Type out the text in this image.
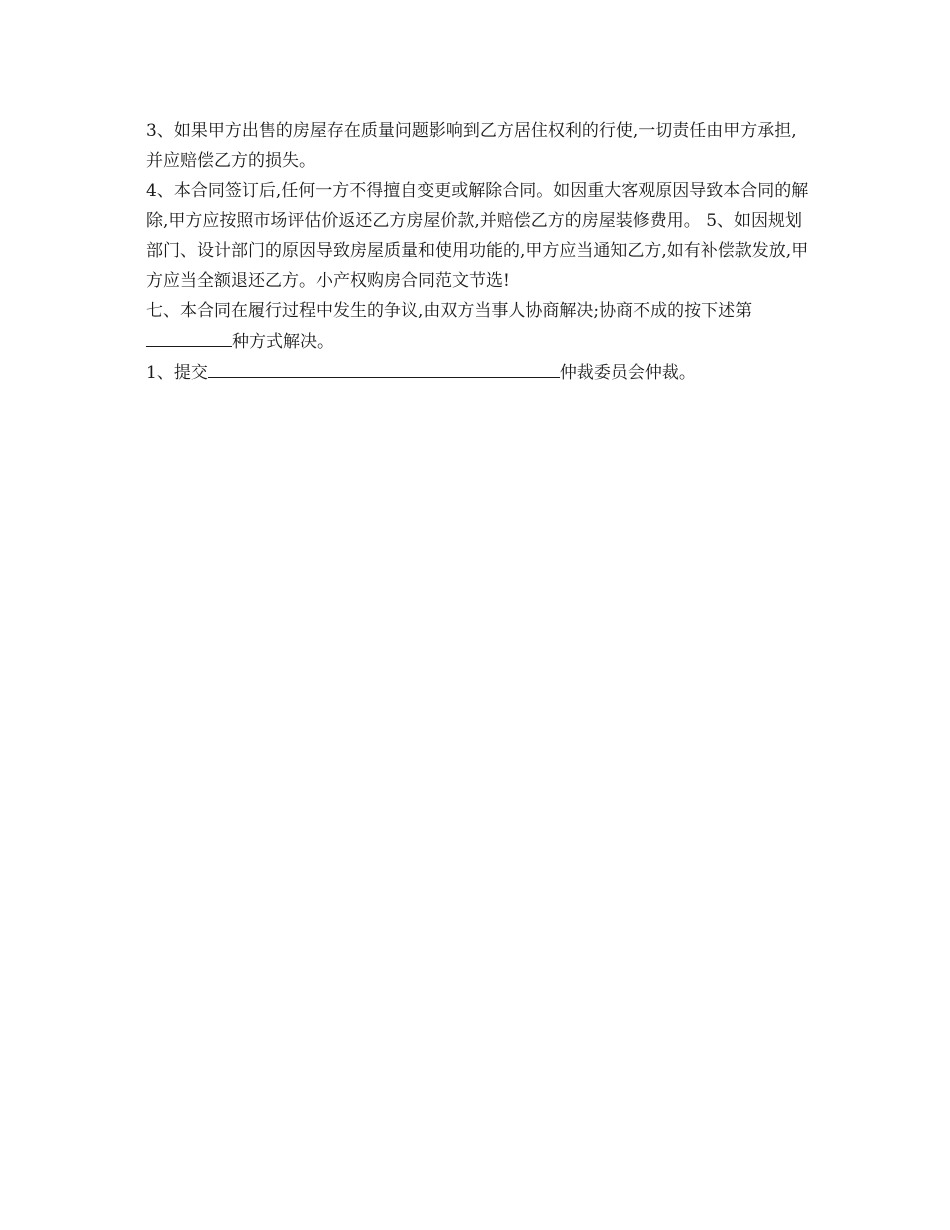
3、如果甲方出售的房屋存在质量问题影响到乙方居住权利的行使,一切责任由甲方承担,并应赔偿乙方的损失。

4、本合同签订后,任何一方不得擅自变更或解除合同。如因重大客观原因导致本合同的解除,甲方应按照市场评估价返还乙方房屋价款,并赔偿乙方的房屋装修费用。 5、如因规划部门、设计部门的原因导致房屋质量和使用功能的,甲方应当通知乙方,如有补偿款发放,甲方应当全额退还乙方。小产权购房合同范文节选!

七、本合同在履行过程中发生的争议,由双方当事人协商解决;协商不成的按下述第种方式解决。

1、提交	仲裁委员会仲裁。
